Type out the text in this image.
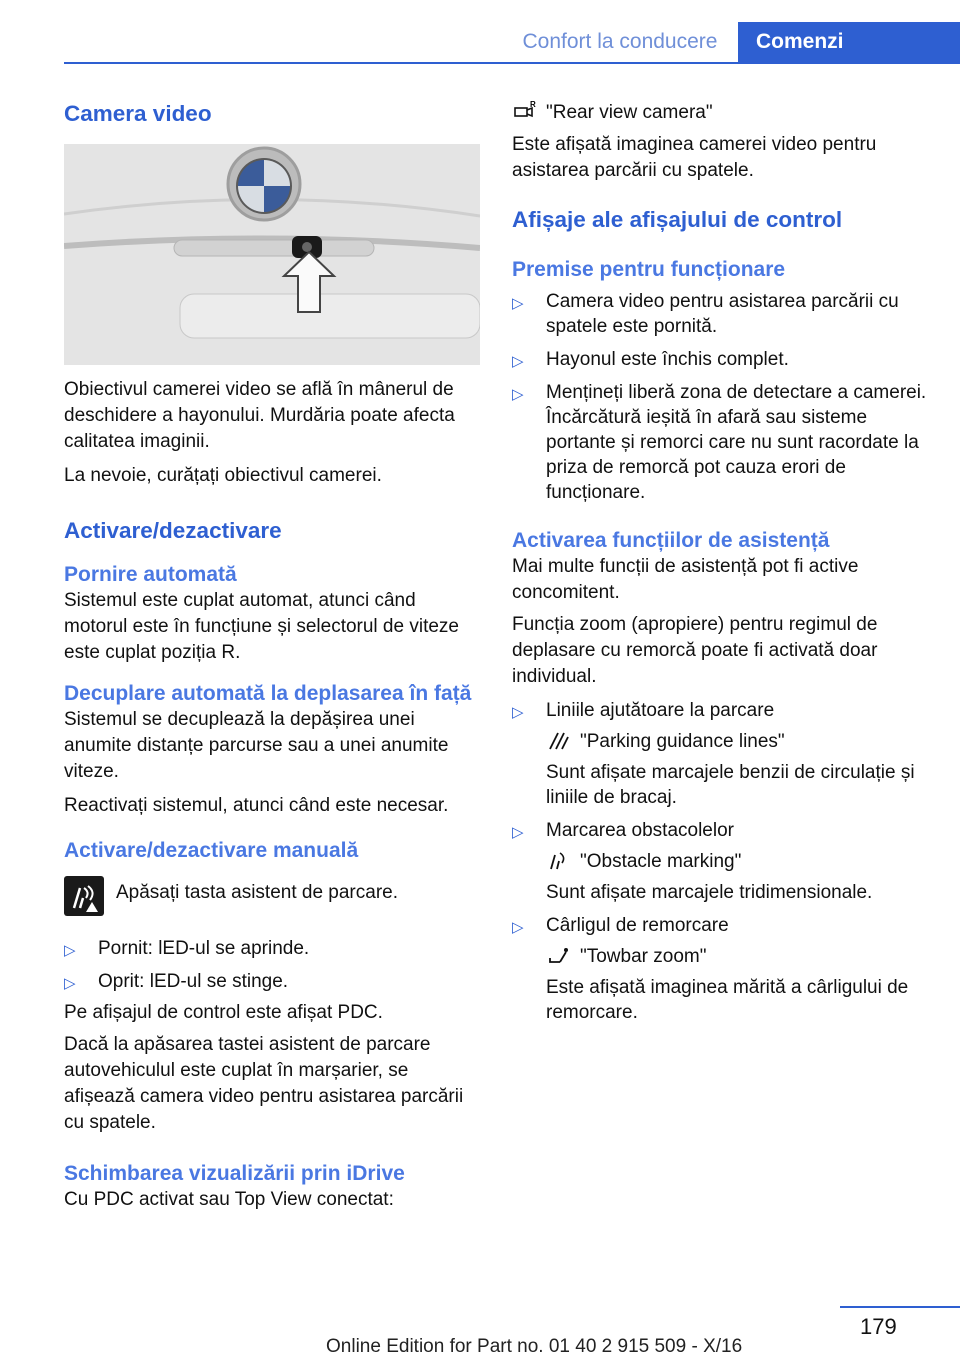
Confort la conducere	Comenzi
Camera video

Obiectivul camerei video se află în mânerul de deschidere a hayonului. Murdăria poate afecta calitatea imaginii.

La nevoie, curățați obiectivul camerei.

Activare/dezactivare
Pornire automată

Sistemul este cuplat automat, atunci când motorul este în funcțiune și selectorul de viteze este cuplat poziția R.

Decuplare automată la deplasarea în față

Sistemul se decuplează la depășirea unei anumite distanțe parcurse sau a unei anumite viteze.

Reactivați sistemul, atunci când este necesar.

Activare/dezactivare manuală

Apăsați tasta asistent de parcare.

▷ Pornit: lED-ul se aprinde.
▷ Oprit: lED-ul se stinge.

Pe afișajul de control este afișat PDC.

Dacă la apăsarea tastei asistent de parcare autovehiculul este cuplat în marșarier, se afișează camera video pentru asistarea parcării cu spatele.

Schimbarea vizualizării prin iDrive

Cu PDC activat sau Top View conectat:

R "Rear view camera"

Este afișată imaginea camerei video pentru asistarea parcării cu spatele.

Afișaje ale afișajului de control
Premise pentru funcționare
▷ Camera video pentru asistarea parcării cu spatele este pornită.
▷ Hayonul este închis complet.
▷ Mențineți liberă zona de detectare a camerei. Încărcătură ieșită în afară sau sisteme portante și remorci care nu sunt racordate la priza de remorcă pot cauza erori de funcționare.
Activarea funcțiilor de asistență

Mai multe funcții de asistență pot fi active concomitent.

Funcția zoom (apropiere) pentru regimul de deplasare cu remorcă poate fi activată doar individual.

▷ Liniile ajutătoare la parcare
"Parking guidance lines"
Sunt afișate marcajele benzii de circulație și liniile de bracaj.
▷ Marcarea obstacolelor
"Obstacle marking"
Sunt afișate marcajele tridimensionale.
▷ Cârligul de remorcare
"Towbar zoom"
Este afișată imaginea mărită a cârligului de remorcare.
179
Online Edition for Part no. 01 40 2 915 509 - X/16
